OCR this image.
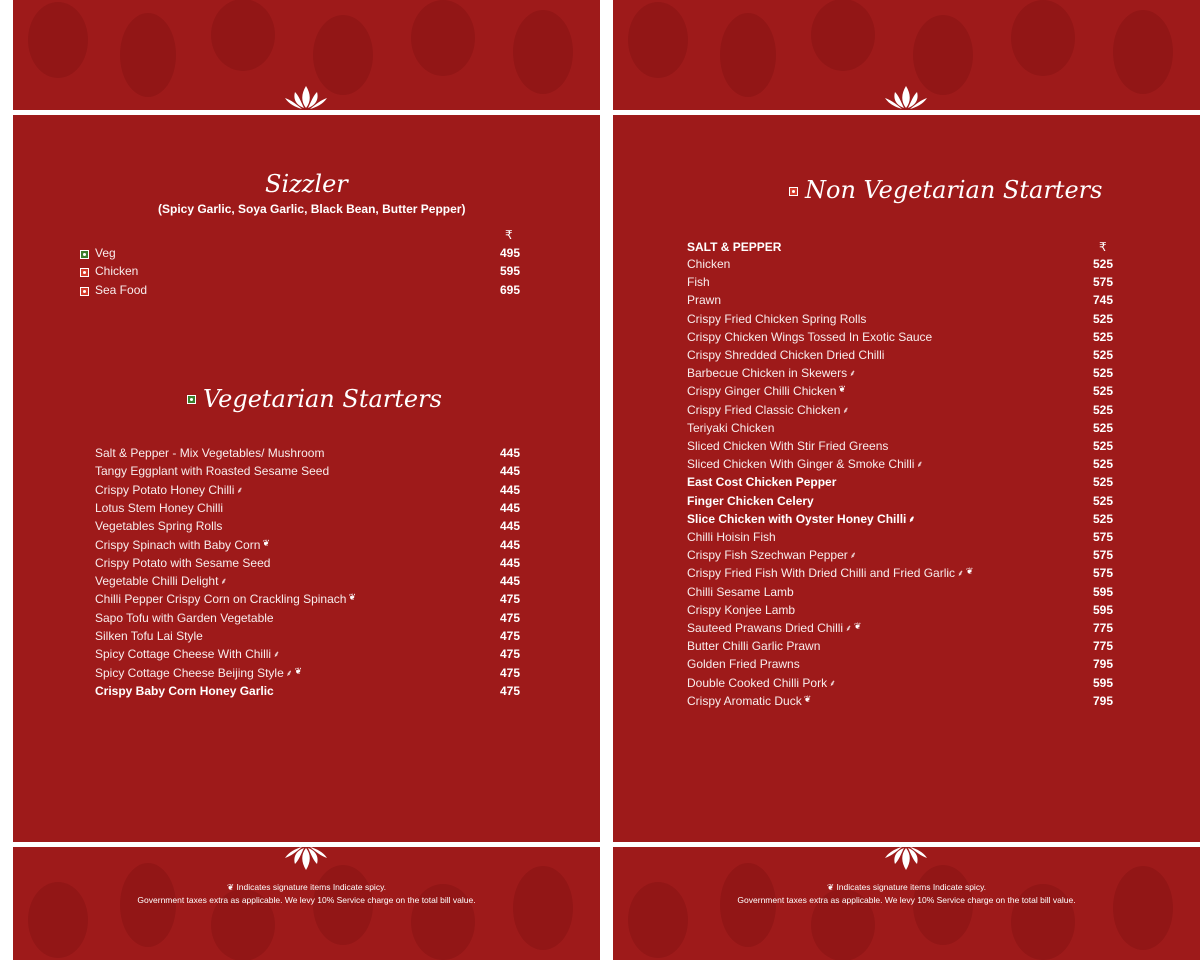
Sizzler
(Spicy Garlic, Soya Garlic, Black Bean, Butter Pepper)
₹
Veg	495
Chicken	595
Sea Food	695
Vegetarian Starters
Salt & Pepper - Mix Vegetables/ Mushroom	445
Tangy Eggplant with Roasted Sesame Seed	445
Crispy Potato Honey Chilli ⸙	445
Lotus Stem Honey Chilli	445
Vegetables Spring Rolls	445
Crispy Spinach with Baby Corn ❦	445
Crispy Potato with Sesame Seed	445
Vegetable Chilli Delight ⸙	445
Chilli Pepper Crispy Corn on Crackling Spinach ❦	475
Sapo Tofu with Garden Vegetable	475
Silken Tofu Lai Style	475
Spicy Cottage Cheese With Chilli ⸙	475
Spicy Cottage Cheese Beijing Style ⸙ ❦	475
Crispy Baby Corn Honey Garlic	475
❦ Indicates signature items Indicate spicy.
Government taxes extra as applicable. We levy 10% Service charge on the total bill value.
Non Vegetarian Starters
SALT & PEPPER	₹
Chicken	525
Fish	575
Prawn	745
Crispy Fried Chicken Spring Rolls	525
Crispy Chicken Wings Tossed In Exotic Sauce	525
Crispy Shredded Chicken Dried Chilli	525
Barbecue Chicken in Skewers ⸙	525
Crispy Ginger Chilli Chicken ❦	525
Crispy Fried Classic Chicken ⸙	525
Teriyaki Chicken	525
Sliced Chicken With Stir Fried Greens	525
Sliced Chicken With Ginger & Smoke Chilli ⸙	525
East Cost Chicken Pepper	525
Finger Chicken Celery	525
Slice Chicken with Oyster Honey Chilli ⸙	525
Chilli Hoisin Fish	575
Crispy Fish Szechwan Pepper ⸙	575
Crispy Fried Fish With Dried Chilli and Fried Garlic ⸙ ❦	575
Chilli Sesame Lamb	595
Crispy Konjee Lamb	595
Sauteed Prawans Dried Chilli ⸙ ❦	775
Butter Chilli Garlic Prawn	775
Golden Fried Prawns	795
Double Cooked Chilli Pork ⸙	595
Crispy Aromatic Duck ❦	795
❦ Indicates signature items Indicate spicy.
Government taxes extra as applicable. We levy 10% Service charge on the total bill value.
